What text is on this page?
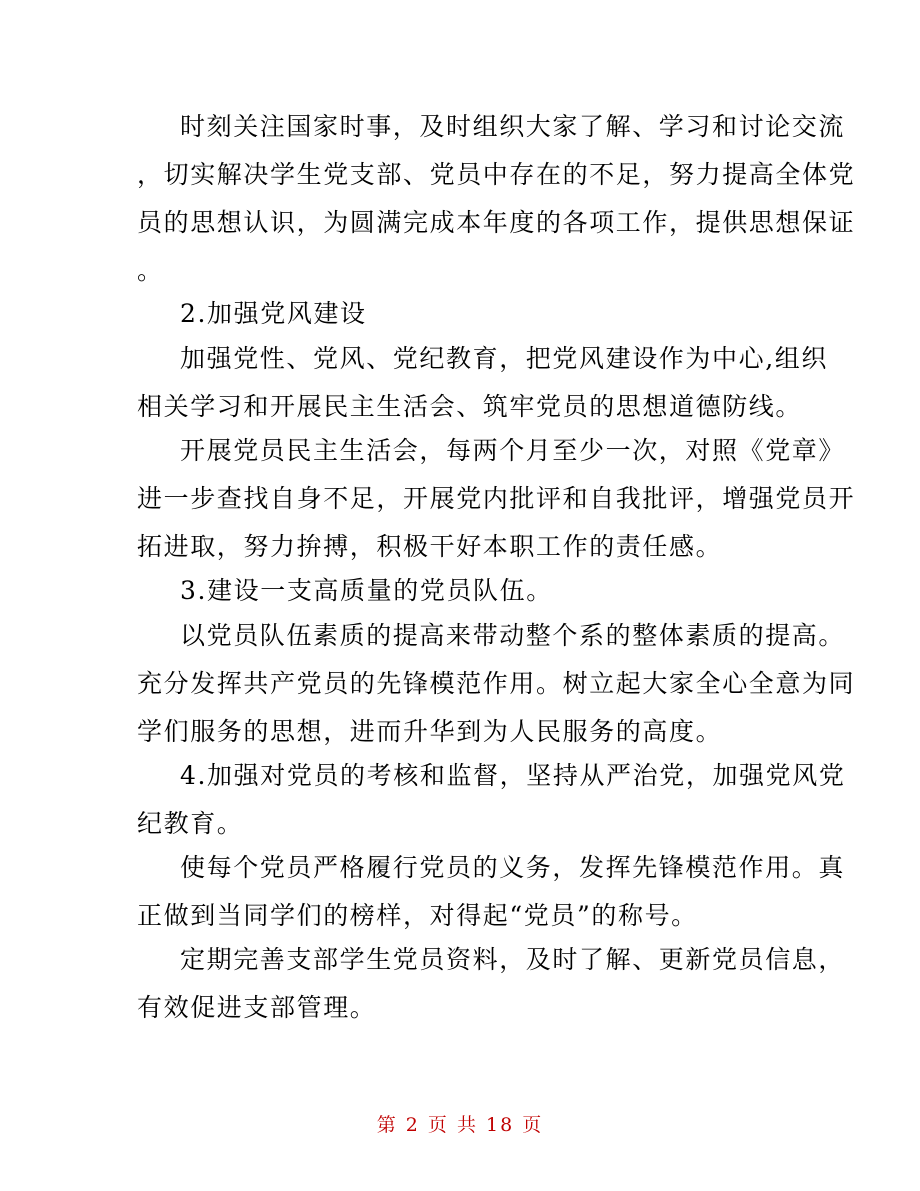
时刻关注国家时事，及时组织大家了解、学习和讨论交流
，切实解决学生党支部、党员中存在的不足，努力提高全体党
员的思想认识，为圆满完成本年度的各项工作，提供思想保证
。
2.加强党风建设
加强党性、党风、党纪教育，把党风建设作为中心,组织
相关学习和开展民主生活会、筑牢党员的思想道德防线。
开展党员民主生活会，每两个月至少一次，对照《党章》
进一步查找自身不足，开展党内批评和自我批评，增强党员开
拓进取，努力拚搏，积极干好本职工作的责任感。
3.建设一支高质量的党员队伍。
以党员队伍素质的提高来带动整个系的整体素质的提高。
充分发挥共产党员的先锋模范作用。树立起大家全心全意为同
学们服务的思想，进而升华到为人民服务的高度。
4.加强对党员的考核和监督，坚持从严治党，加强党风党
纪教育。
使每个党员严格履行党员的义务，发挥先锋模范作用。真
正做到当同学们的榜样，对得起“党员”的称号。
定期完善支部学生党员资料，及时了解、更新党员信息，
有效促进支部管理。
第 2 页 共 18 页
